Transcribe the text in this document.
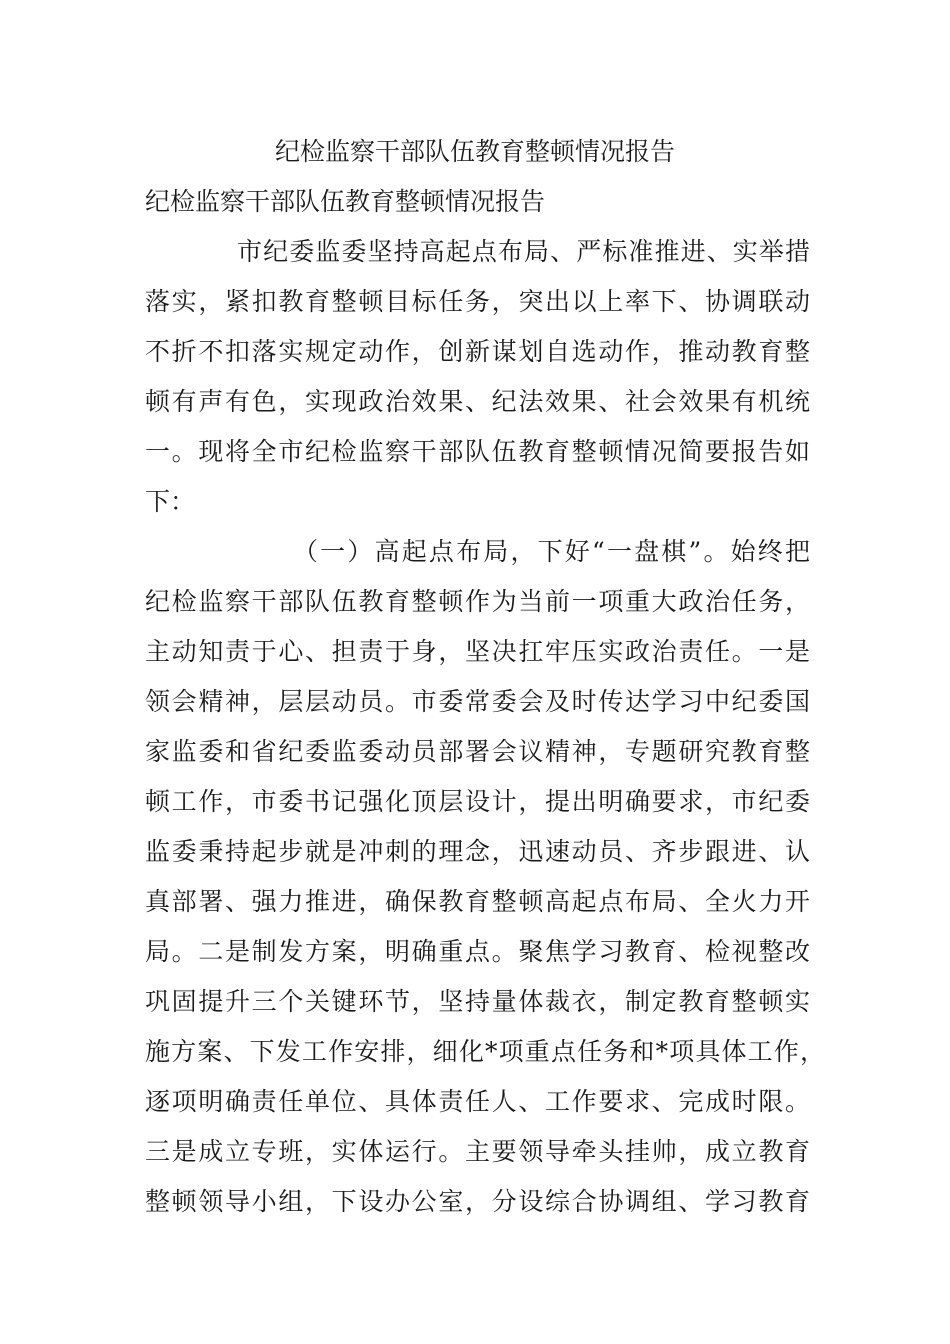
纪检监察干部队伍教育整顿情况报告
纪检监察干部队伍教育整顿情况报告
市纪委监委坚持高起点布局、严标准推进、实举措
落实，紧扣教育整顿目标任务，突出以上率下、协调联动
不折不扣落实规定动作，创新谋划自选动作，推动教育整
顿有声有色，实现政治效果、纪法效果、社会效果有机统
一。现将全市纪检监察干部队伍教育整顿情况简要报告如
下：
（一）高起点布局，下好“一盘棋”。始终把
纪检监察干部队伍教育整顿作为当前一项重大政治任务，
主动知责于心、担责于身，坚决扛牢压实政治责任。一是
领会精神，层层动员。市委常委会及时传达学习中纪委国
家监委和省纪委监委动员部署会议精神，专题研究教育整
顿工作，市委书记强化顶层设计，提出明确要求，市纪委
监委秉持起步就是冲刺的理念，迅速动员、齐步跟进、认
真部署、强力推进，确保教育整顿高起点布局、全火力开
局。二是制发方案，明确重点。聚焦学习教育、检视整改
巩固提升三个关键环节，坚持量体裁衣，制定教育整顿实
施方案、下发工作安排，细化*项重点任务和*项具体工作，
逐项明确责任单位、具体责任人、工作要求、完成时限。
三是成立专班，实体运行。主要领导牵头挂帅，成立教育
整顿领导小组，下设办公室，分设综合协调组、学习教育
